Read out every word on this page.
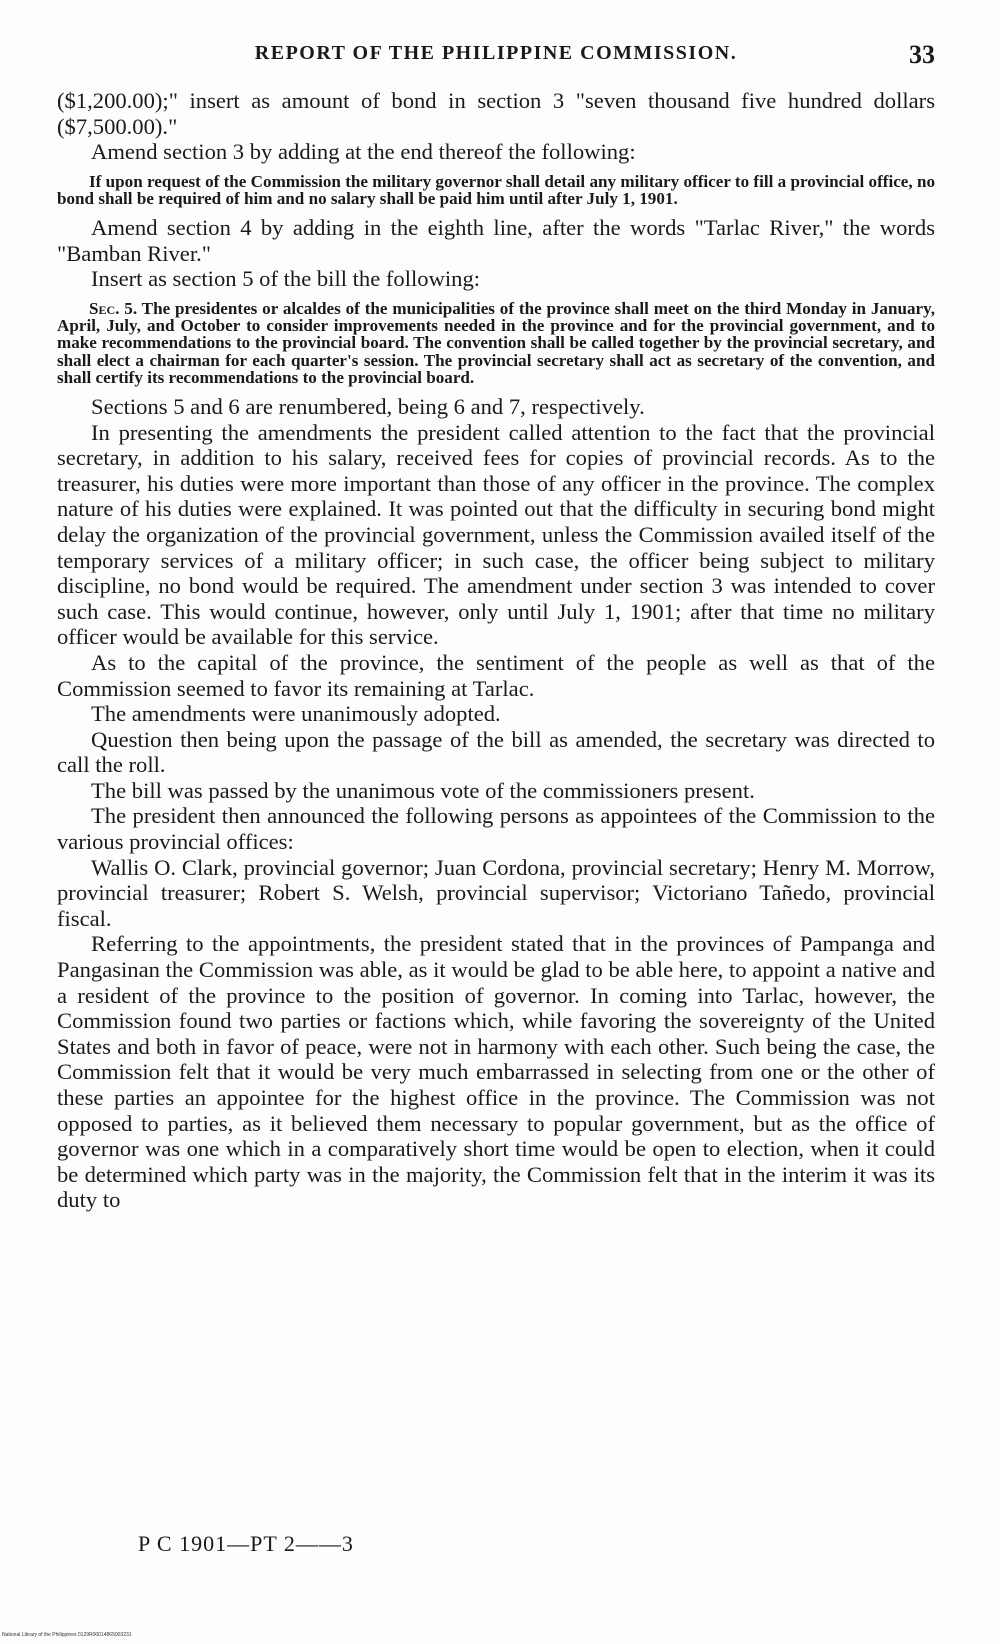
REPORT OF THE PHILIPPINE COMMISSION.	33

($1,200.00);" insert as amount of bond in section 3 "seven thousand five hundred dollars ($7,500.00)."

Amend section 3 by adding at the end thereof the following:

If upon request of the Commission the military governor shall detail any military officer to fill a provincial office, no bond shall be required of him and no salary shall be paid him until after July 1, 1901.

Amend section 4 by adding in the eighth line, after the words "Tarlac River," the words "Bamban River."

Insert as section 5 of the bill the following:

Sec. 5. The presidentes or alcaldes of the municipalities of the province shall meet on the third Monday in January, April, July, and October to consider improvements needed in the province and for the provincial government, and to make recommendations to the provincial board. The convention shall be called together by the provincial secretary, and shall elect a chairman for each quarter's session. The provincial secretary shall act as secretary of the convention, and shall certify its recommendations to the provincial board.

Sections 5 and 6 are renumbered, being 6 and 7, respectively.

In presenting the amendments the president called attention to the fact that the provincial secretary, in addition to his salary, received fees for copies of provincial records. As to the treasurer, his duties were more important than those of any officer in the province. The complex nature of his duties were explained. It was pointed out that the difficulty in securing bond might delay the organization of the provincial government, unless the Commission availed itself of the temporary services of a military officer; in such case, the officer being subject to military discipline, no bond would be required. The amendment under section 3 was intended to cover such case. This would continue, however, only until July 1, 1901; after that time no military officer would be available for this service.

As to the capital of the province, the sentiment of the people as well as that of the Commission seemed to favor its remaining at Tarlac.

The amendments were unanimously adopted.

Question then being upon the passage of the bill as amended, the secretary was directed to call the roll.

The bill was passed by the unanimous vote of the commissioners present.

The president then announced the following persons as appointees of the Commission to the various provincial offices:

Wallis O. Clark, provincial governor; Juan Cordona, provincial secretary; Henry M. Morrow, provincial treasurer; Robert S. Welsh, provincial supervisor; Victoriano Tañedo, provincial fiscal.

Referring to the appointments, the president stated that in the provinces of Pampanga and Pangasinan the Commission was able, as it would be glad to be able here, to appoint a native and a resident of the province to the position of governor. In coming into Tarlac, however, the Commission found two parties or factions which, while favoring the sovereignty of the United States and both in favor of peace, were not in harmony with each other. Such being the case, the Commission felt that it would be very much embarrassed in selecting from one or the other of these parties an appointee for the highest office in the province. The Commission was not opposed to parties, as it believed them necessary to popular government, but as the office of governor was one which in a comparatively short time would be open to election, when it could be determined which party was in the majority, the Commission felt that in the interim it was its duty to

P C 1901—PT 2——3
National Library of the Philippines 0129R00014865003231
